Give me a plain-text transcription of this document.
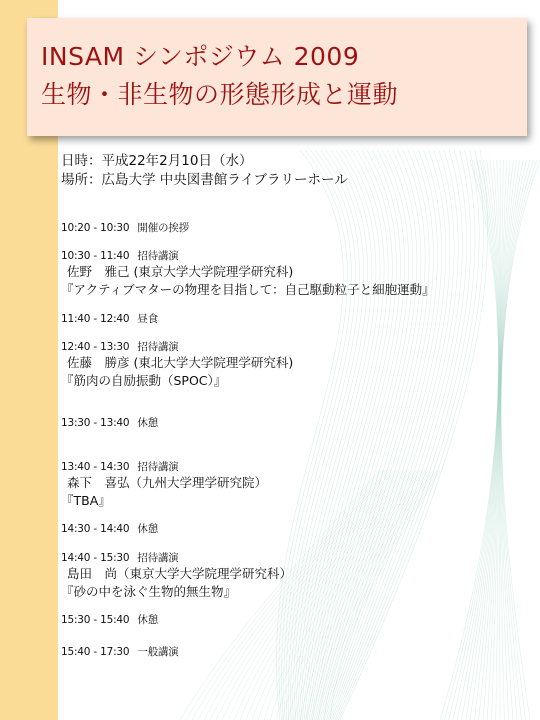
INSAM シンポジウム 2009
生物・非生物の形態形成と運動
日時：平成22年2月10日（水）
場所：広島大学 中央図書館ライブラリーホール
10:20 - 10:30 開催の挨拶
10:30 - 11:40 招待講演
佐野　雅己 (東京大学大学院理学研究科)
『アクティブマターの物理を目指して：自己駆動粒子と細胞運動』
11:40 - 12:40 昼食
12:40 - 13:30 招待講演
佐藤　勝彦 (東北大学大学院理学研究科)
『筋肉の自励振動（SPOC）』
13:30 - 13:40 休憩
13:40 - 14:30 招待講演
森下　喜弘（九州大学理学研究院）
『TBA』
14:30 - 14:40 休憩
14:40 - 15:30 招待講演
島田　尚（東京大学大学院理学研究科）
『砂の中を泳ぐ生物的無生物』
15:30 - 15:40 休憩
15:40 - 17:30 一般講演
